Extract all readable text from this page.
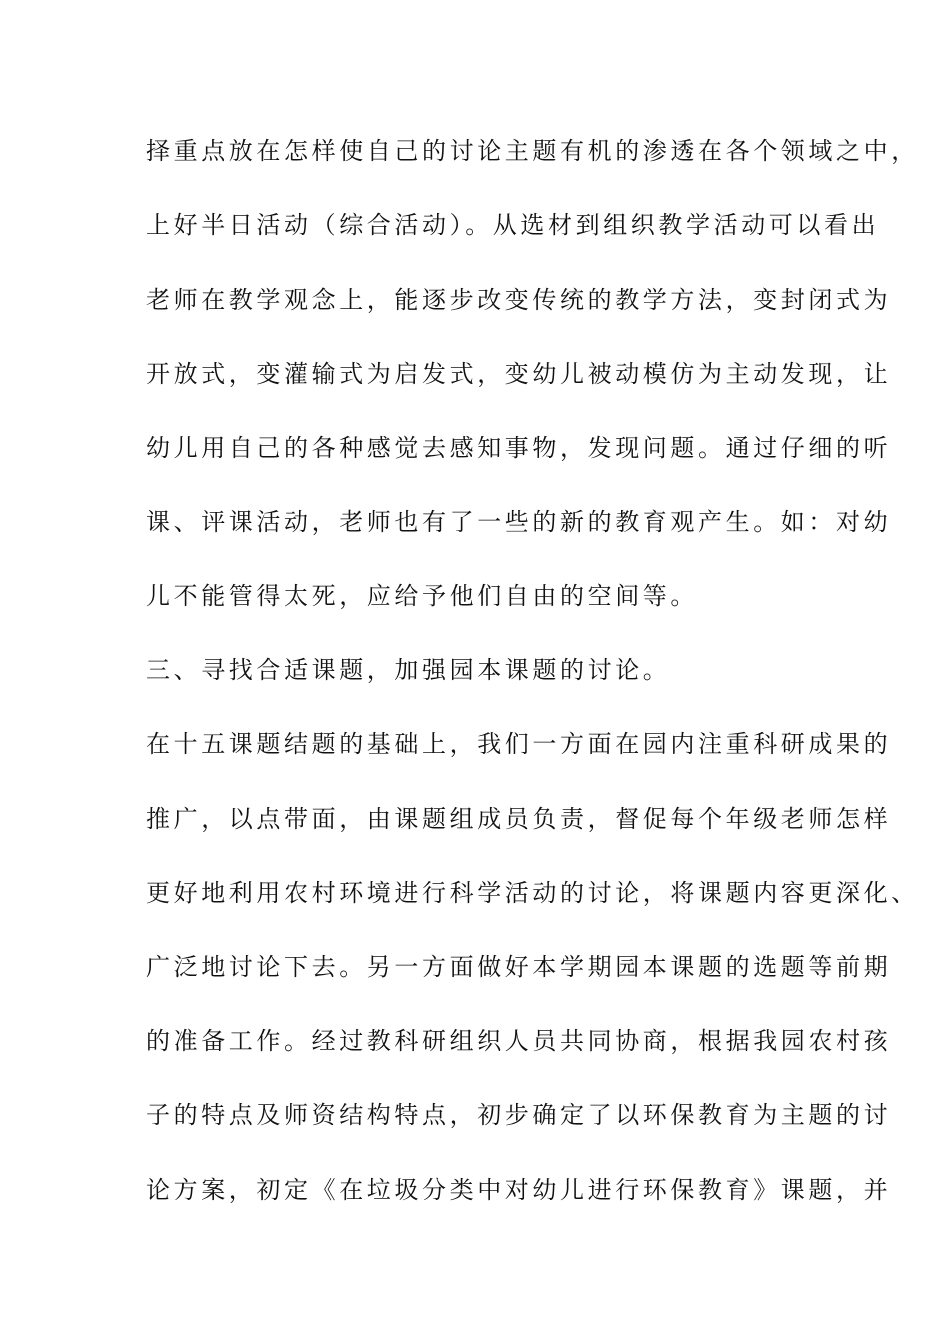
择重点放在怎样使自己的讨论主题有机的渗透在各个领域之中，
上好半日活动（综合活动）。从选材到组织教学活动可以看出
老师在教学观念上，能逐步改变传统的教学方法，变封闭式为
开放式，变灌输式为启发式，变幼儿被动模仿为主动发现，让
幼儿用自己的各种感觉去感知事物，发现问题。通过仔细的听
课、评课活动，老师也有了一些的新的教育观产生。如：对幼
儿不能管得太死，应给予他们自由的空间等。
三、寻找合适课题，加强园本课题的讨论。
在十五课题结题的基础上，我们一方面在园内注重科研成果的
推广，以点带面，由课题组成员负责，督促每个年级老师怎样
更好地利用农村环境进行科学活动的讨论，将课题内容更深化、
广泛地讨论下去。另一方面做好本学期园本课题的选题等前期
的准备工作。经过教科研组织人员共同协商，根据我园农村孩
子的特点及师资结构特点，初步确定了以环保教育为主题的讨
论方案，初定《在垃圾分类中对幼儿进行环保教育》课题，并
